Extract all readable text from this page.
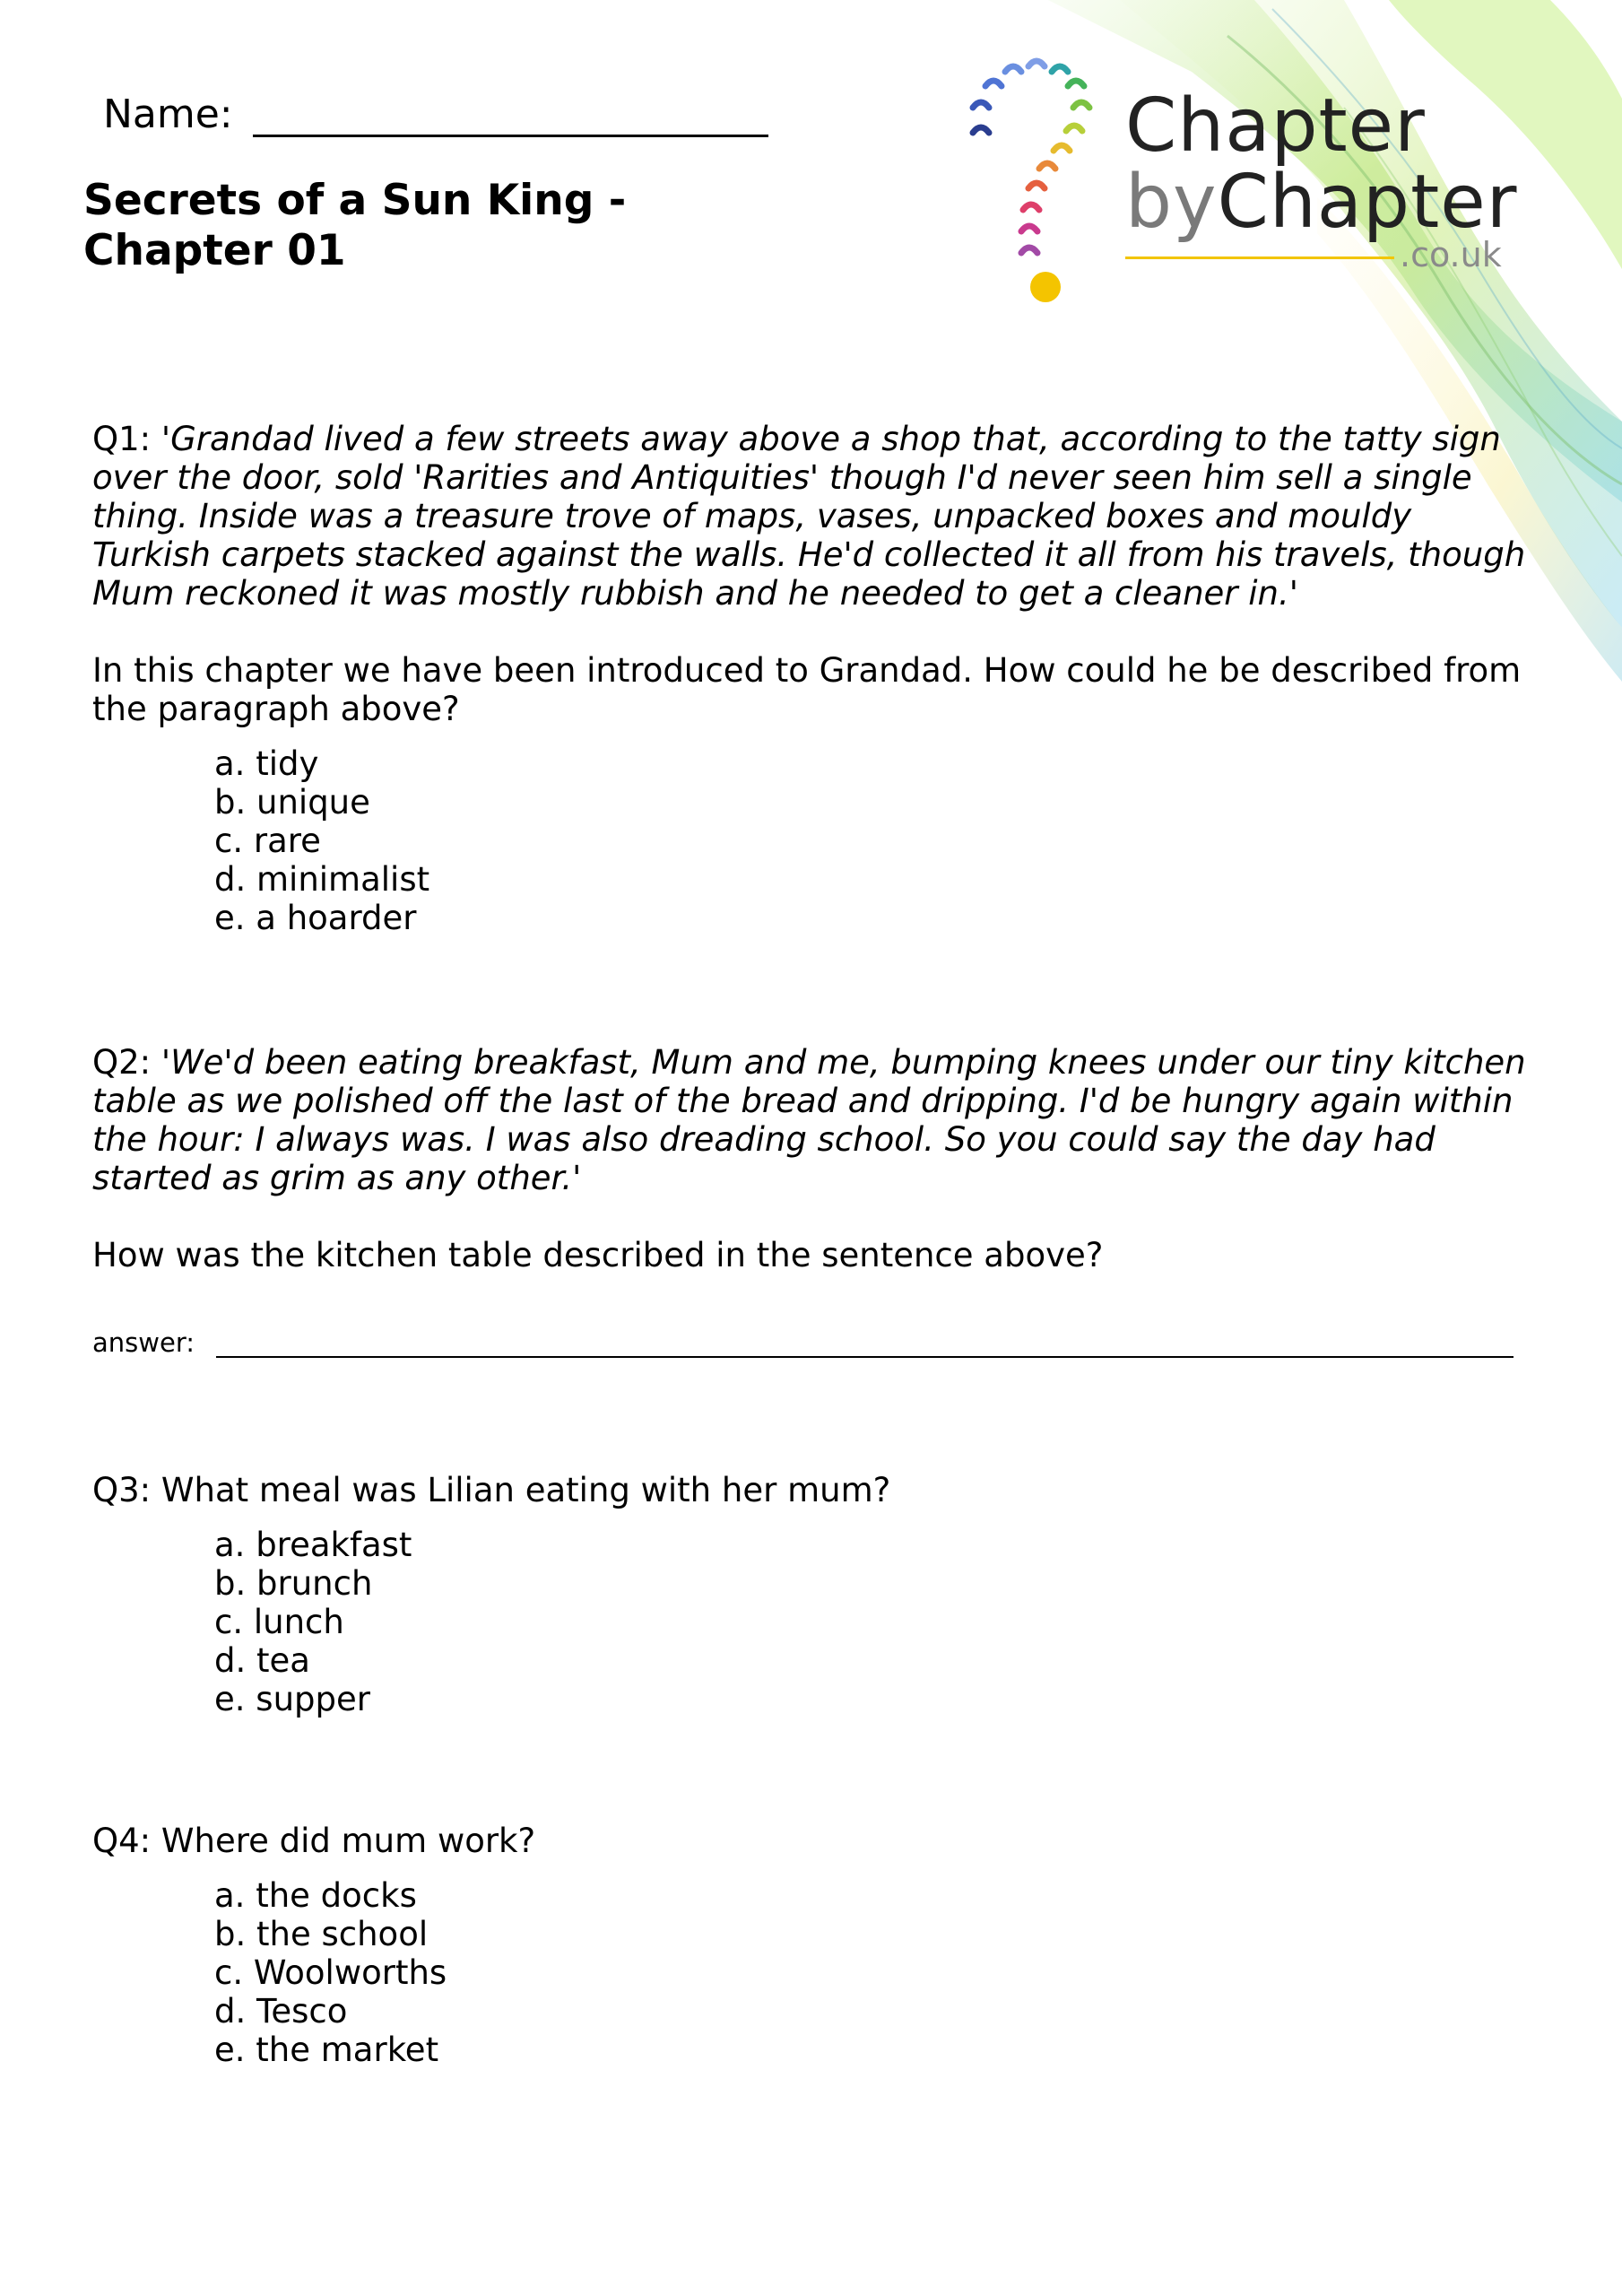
Name:
Secrets of a Sun King - Chapter 01
Chapter
byChapter
.co.uk
Q1: 'Grandad lived a few streets away above a shop that, according to the tatty sign over the door, sold 'Rarities and Antiquities' though I'd never seen him sell a single thing. Inside was a treasure trove of maps, vases, unpacked boxes and mouldy Turkish carpets stacked against the walls. He'd collected it all from his travels, though Mum reckoned it was mostly rubbish and he needed to get a cleaner in.'
In this chapter we have been introduced to Grandad. How could he be described from the paragraph above?
a. tidy
b. unique
c. rare
d. minimalist
e. a hoarder
Q2: 'We'd been eating breakfast, Mum and me, bumping knees under our tiny kitchen table as we polished off the last of the bread and dripping. I'd be hungry again within the hour: I always was. I was also dreading school. So you could say the day had started as grim as any other.'
How was the kitchen table described in the sentence above?
answer:
Q3: What meal was Lilian eating with her mum?
a. breakfast
b. brunch
c. lunch
d. tea
e. supper
Q4: Where did mum work?
a. the docks
b. the school
c. Woolworths
d. Tesco
e. the market
